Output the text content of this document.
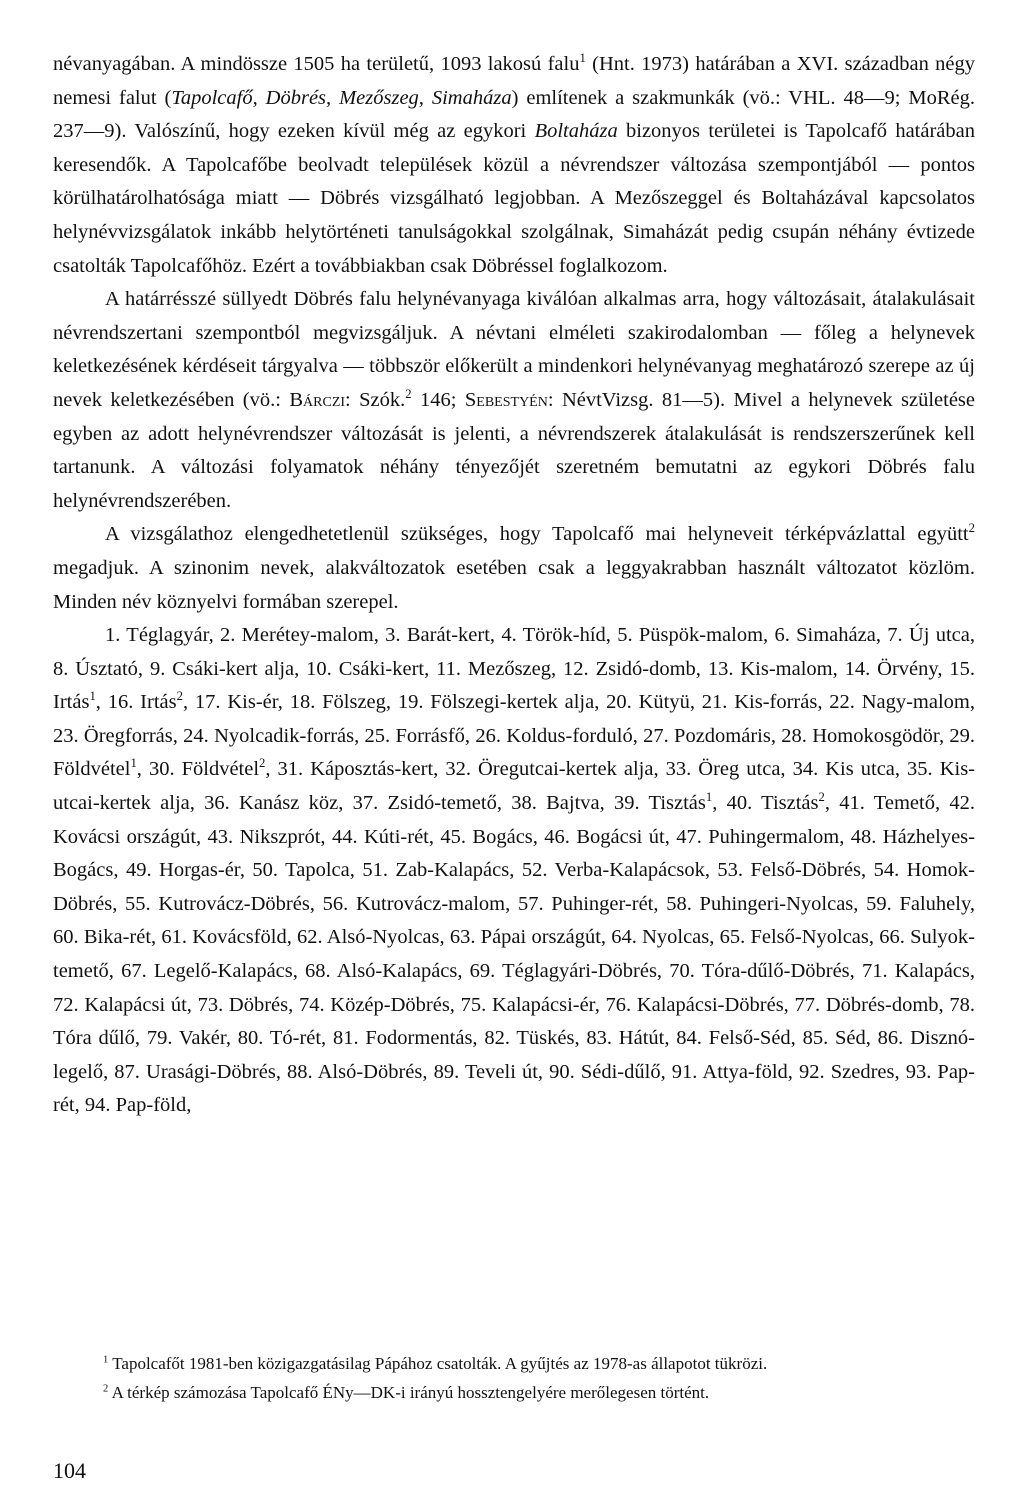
névanyagában. A mindössze 1505 ha területű, 1093 lakosú falu$^1$ (Hnt. 1973) határában a XVI. században négy nemesi falut (Tapolcafő, Döbrés, Mezőszeg, Simaháza) említenek a szakmunkák (vö.: VHL. 48—9; MoRég. 237—9). Valószínű, hogy ezeken kívül még az egykori Boltaháza bizonyos területei is Tapolcafő határában keresendők. A Tapolcafőbe beolvadt települések közül a névrendszer változása szempontjából — pontos körülhatárolhatósága miatt — Döbrés vizsgálható legjobban. A Mezőszeggel és Boltaházával kapcsolatos helynévvizsgálatok inkább helytörténeti tanulságokkal szolgálnak, Simaházát pedig csupán néhány évtizede csatolták Tapolcafőhöz. Ezért a továbbiakban csak Döbréssel foglalkozom.

A határrésszé süllyedt Döbrés falu helynévanyaga kiválóan alkalmas arra, hogy változásait, átalakulásait névrendszertani szempontból megvizsgáljuk. A névtani elméleti szakirodalomban — főleg a helynevek keletkezésének kérdéseit tárgyalva — többször előkerült a mindenkori helynévanyag meghatározó szerepe az új nevek keletkezésében (vö.: Bárczi: Szók.$^2$ 146; Sebestyén: NévtVizsg. 81—5). Mivel a helynevek születése egyben az adott helynévrendszer változását is jelenti, a névrendszerek átalakulását is rendszerszerűnek kell tartanunk. A változási folyamatok néhány tényezőjét szeretném bemutatni az egykori Döbrés falu helynévrendszerében.

A vizsgálathoz elengedhetetlenül szükséges, hogy Tapolcafő mai helyneveit térképvázlattal együtt$^2$ megadjuk. A szinonim nevek, alakváltozatok esetében csak a leggyakrabban használt változatot közlöm. Minden név köznyelvi formában szerepel.

1. Téglagyár, 2. Merétey-malom, 3. Barát-kert, 4. Török-híd, 5. Püspök-malom, 6. Simaháza, 7. Új utca, 8. Úsztató, 9. Csáki-kert alja, 10. Csáki-kert, 11. Mezőszeg, 12. Zsidó-domb, 13. Kis-malom, 14. Örvény, 15. Irtás$^1$, 16. Irtás$^2$, 17. Kis-ér, 18. Fölszeg, 19. Fölszegi-kertek alja, 20. Kütyü, 21. Kis-forrás, 22. Nagy-malom, 23. Öregforrás, 24. Nyolcadik-forrás, 25. Forrásfő, 26. Koldus-forduló, 27. Pozdomáris, 28. Homokosgödör, 29. Földvétel$^1$, 30. Földvétel$^2$, 31. Káposztás-kert, 32. Öregutcai-kertek alja, 33. Öreg utca, 34. Kis utca, 35. Kis-utcai-kertek alja, 36. Kanász köz, 37. Zsidó-temető, 38. Bajtva, 39. Tisztás$^1$, 40. Tisztás$^2$, 41. Temető, 42. Kovácsi országút, 43. Nikszprót, 44. Kúti-rét, 45. Bogács, 46. Bogácsi út, 47. Puhingermalom, 48. Házhelyes-Bogács, 49. Horgas-ér, 50. Tapolca, 51. Zab-Kalapács, 52. Verba-Kalapácsok, 53. Felső-Döbrés, 54. Homok-Döbrés, 55. Kutrovácz-Döbrés, 56. Kutrovácz-malom, 57. Puhinger-rét, 58. Puhingeri-Nyolcas, 59. Faluhely, 60. Bika-rét, 61. Kovácsföld, 62. Alsó-Nyolcas, 63. Pápai országút, 64. Nyolcas, 65. Felső-Nyolcas, 66. Sulyok-temető, 67. Legelő-Kalapács, 68. Alsó-Kalapács, 69. Téglagyári-Döbrés, 70. Tóra-dűlő-Döbrés, 71. Kalapács, 72. Kalapácsi út, 73. Döbrés, 74. Közép-Döbrés, 75. Kalapácsi-ér, 76. Kalapácsi-Döbrés, 77. Döbrés-domb, 78. Tóra dűlő, 79. Vakér, 80. Tó-rét, 81. Fodormentás, 82. Tüskés, 83. Hátút, 84. Felső-Séd, 85. Séd, 86. Disznó-legelő, 87. Urasági-Döbrés, 88. Alsó-Döbrés, 89. Teveli út, 90. Sédi-dűlő, 91. Attya-föld, 92. Szedres, 93. Pap-rét, 94. Pap-föld,

$^1$ Tapolcafőt 1981-ben közigazgatásilag Pápához csatolták. A gyűjtés az 1978-as állapotot tükrözi.

$^2$ A térkép számozása Tapolcafő ÉNy—DK-i irányú hossztengelyére merőlegesen történt.

104
